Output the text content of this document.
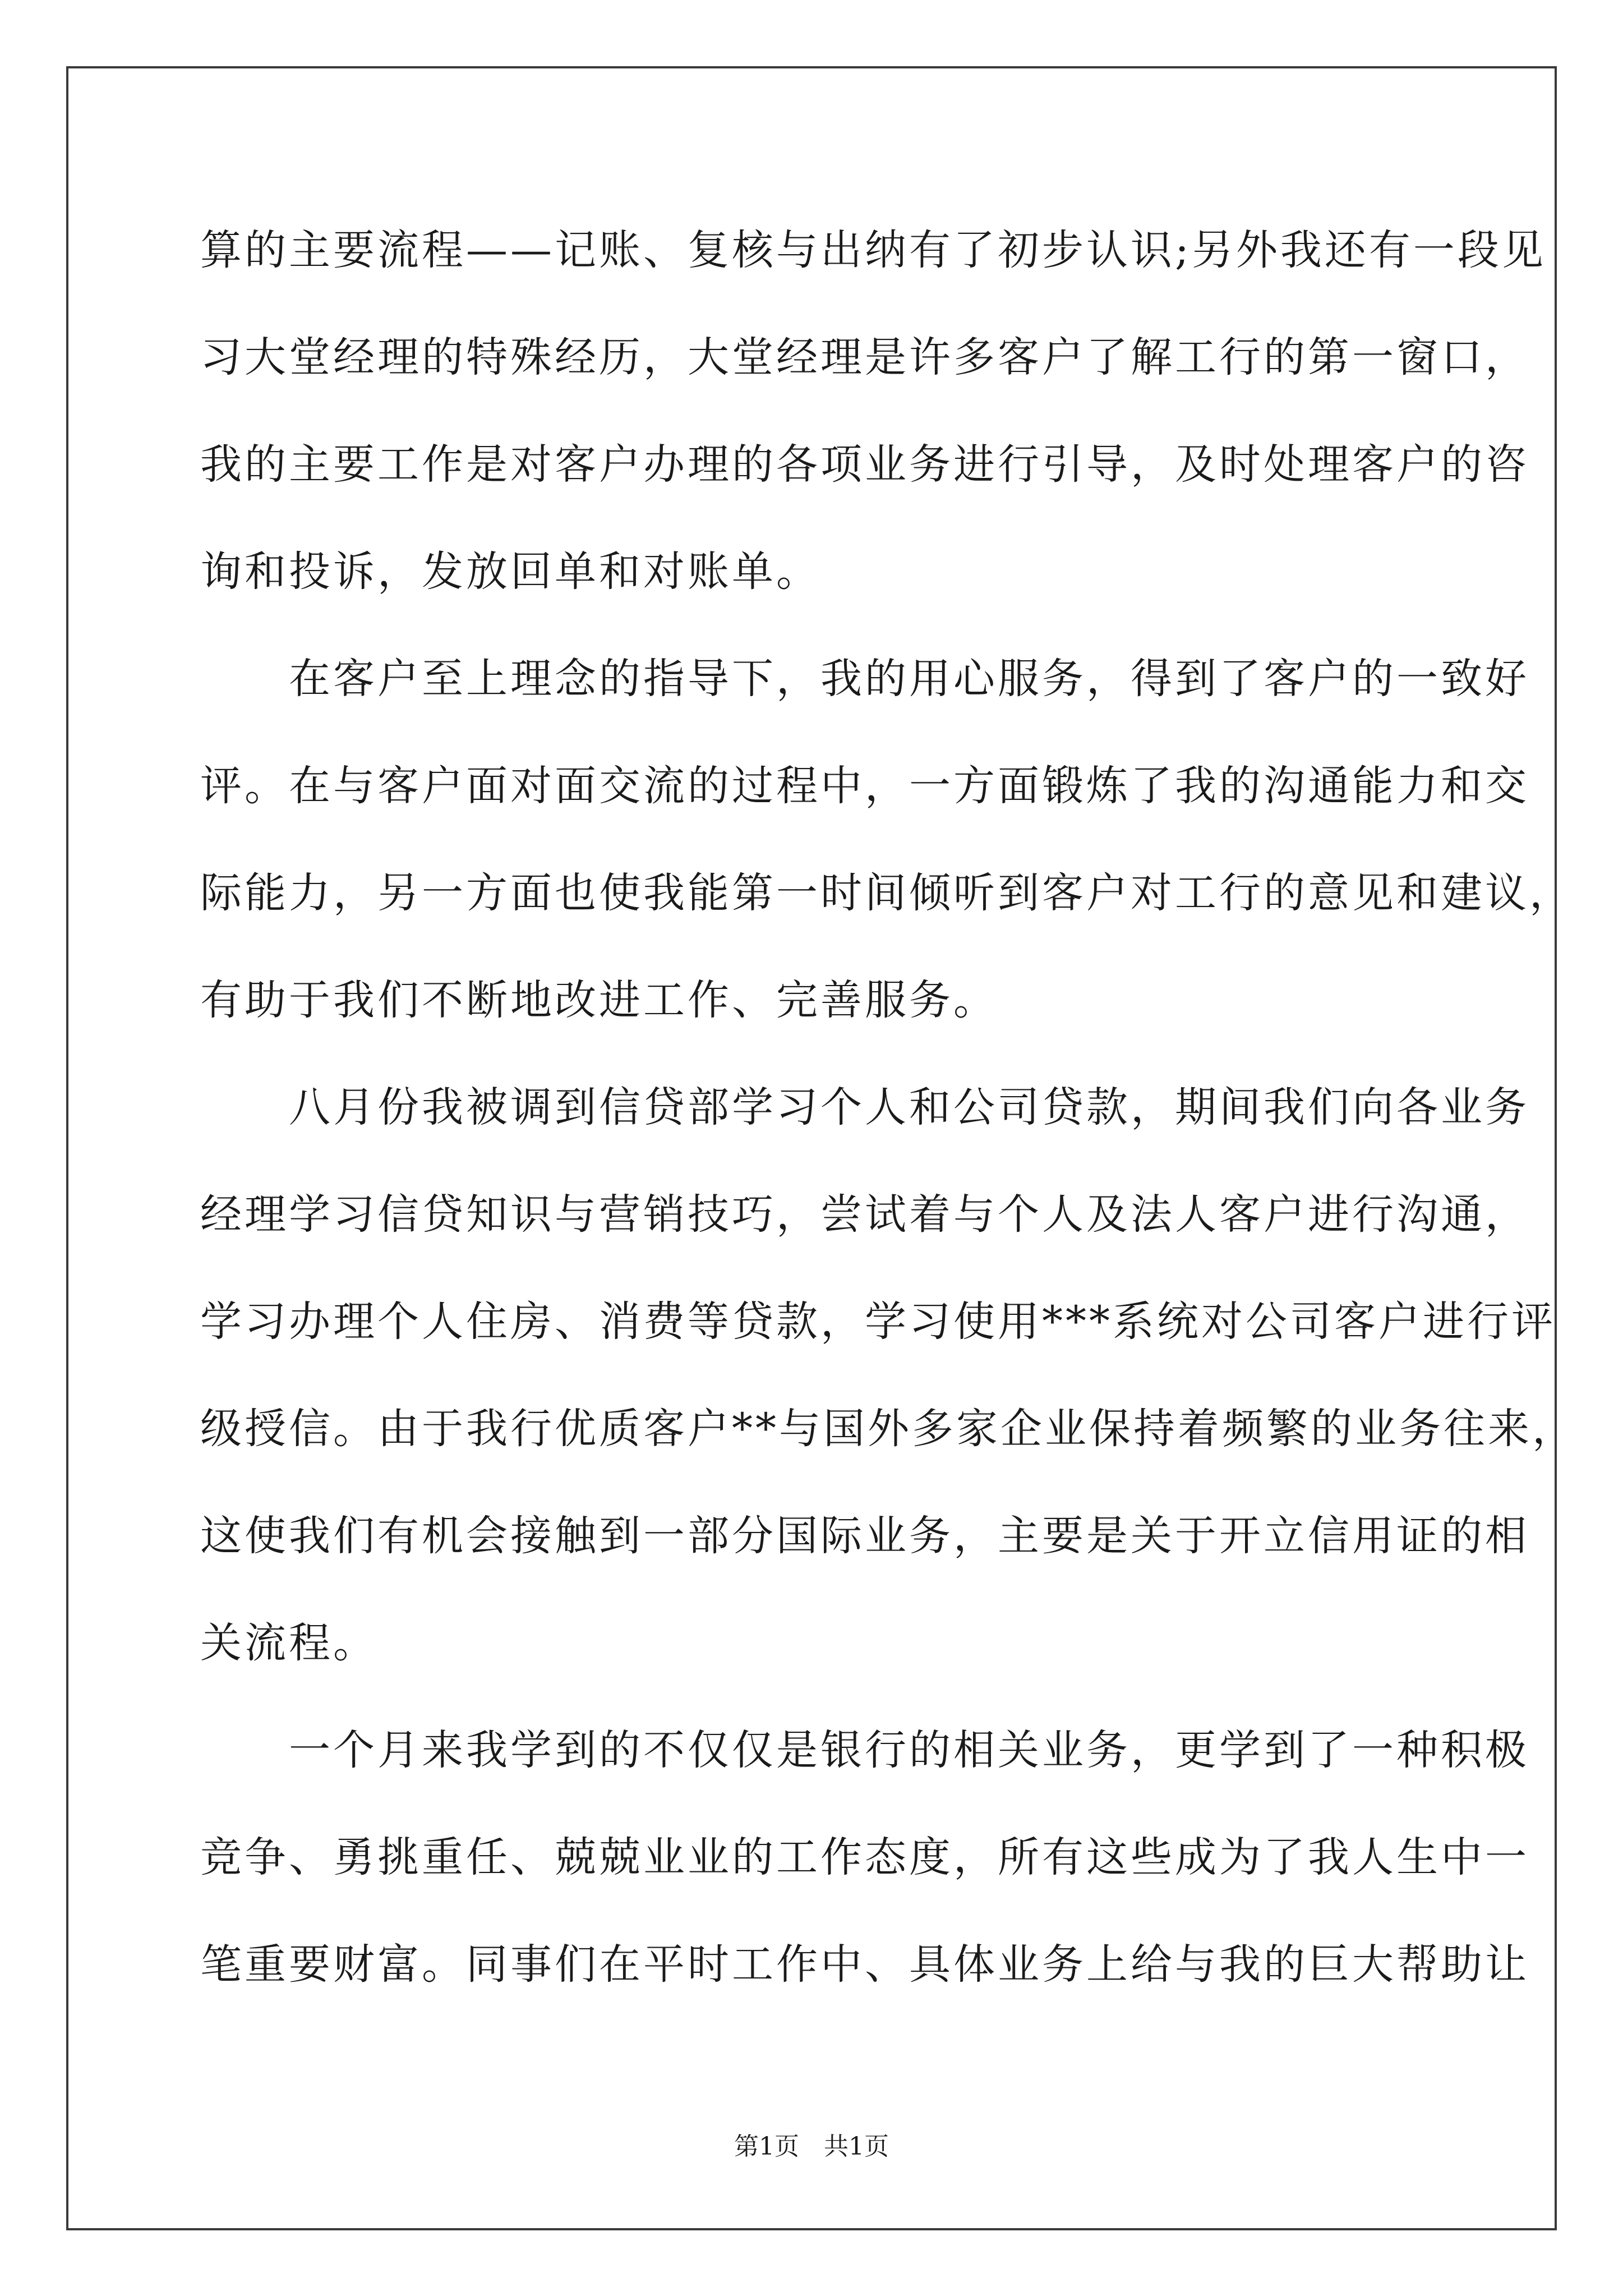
算的主要流程——记账、复核与出纳有了初步认识;另外我还有一段见
习大堂经理的特殊经历，大堂经理是许多客户了解工行的第一窗口，
我的主要工作是对客户办理的各项业务进行引导，及时处理客户的咨
询和投诉，发放回单和对账单。
　　在客户至上理念的指导下，我的用心服务，得到了客户的一致好
评。在与客户面对面交流的过程中，一方面锻炼了我的沟通能力和交
际能力，另一方面也使我能第一时间倾听到客户对工行的意见和建议，
有助于我们不断地改进工作、完善服务。
　　八月份我被调到信贷部学习个人和公司贷款，期间我们向各业务
经理学习信贷知识与营销技巧，尝试着与个人及法人客户进行沟通，
学习办理个人住房、消费等贷款，学习使用***系统对公司客户进行评
级授信。由于我行优质客户**与国外多家企业保持着频繁的业务往来，
这使我们有机会接触到一部分国际业务，主要是关于开立信用证的相
关流程。
　　一个月来我学到的不仅仅是银行的相关业务，更学到了一种积极
竞争、勇挑重任、兢兢业业的工作态度，所有这些成为了我人生中一
笔重要财富。同事们在平时工作中、具体业务上给与我的巨大帮助让
第1页 共1页
